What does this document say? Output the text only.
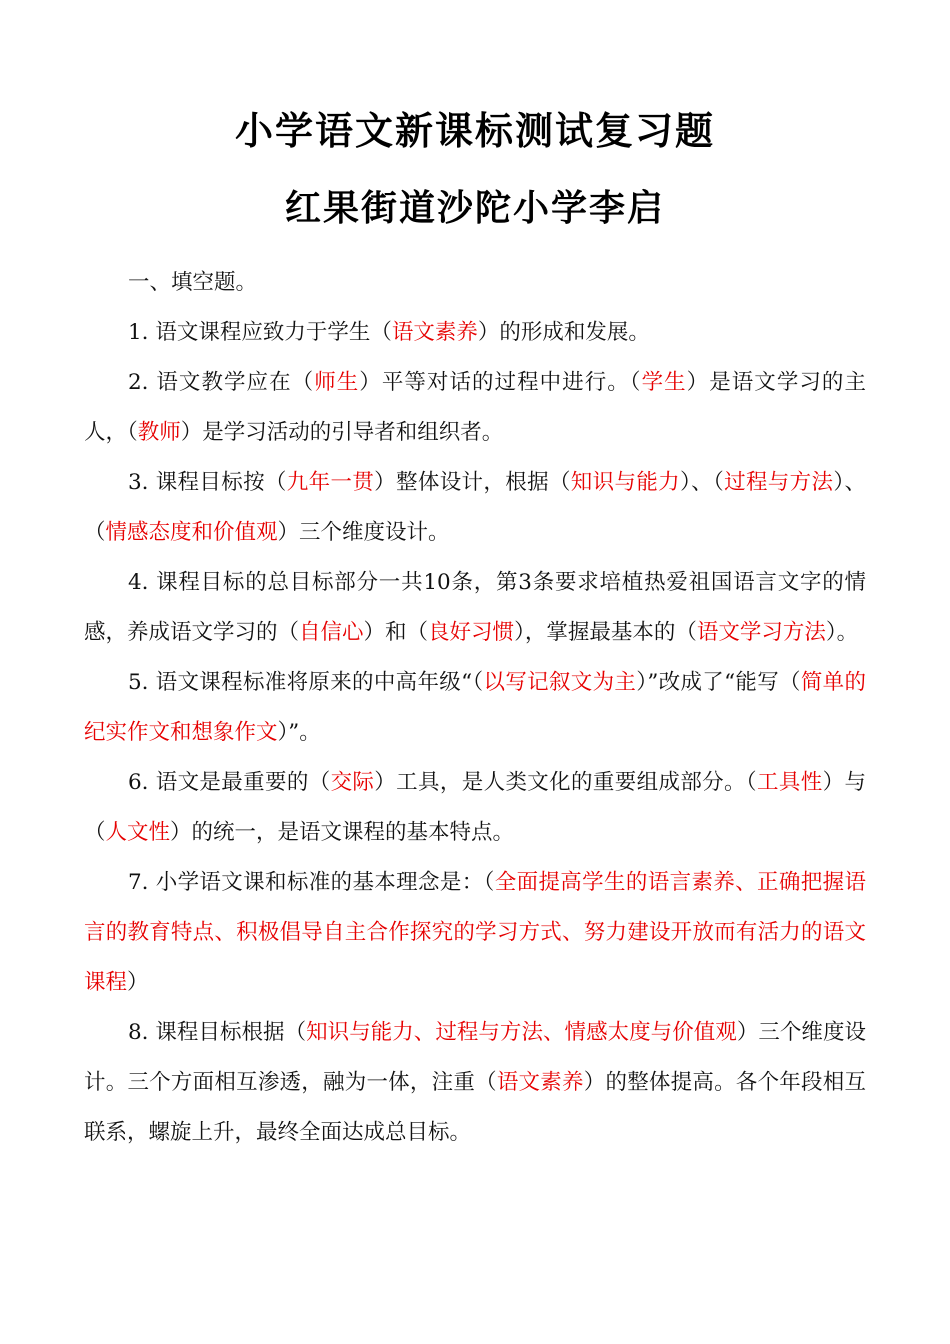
小学语文新课标测试复习题
红果街道沙陀小学李启

一、填空题。

1. 语文课程应致力于学生（语文素养）的形成和发展。

2. 语文教学应在（师生）平等对话的过程中进行。（学生）是语文学习的主人，（教师）是学习活动的引导者和组织者。

3. 课程目标按（九年一贯）整体设计，根据（知识与能力）、（过程与方法）、（情感态度和价值观）三个维度设计。

4. 课程目标的总目标部分一共10条，第3条要求培植热爱祖国语言文字的情感，养成语文学习的（自信心）和（良好习惯），掌握最基本的（语文学习方法）。

5. 语文课程标准将原来的中高年级“（以写记叙文为主）”改成了“能写（简单的纪实作文和想象作文）”。

6. 语文是最重要的（交际）工具，是人类文化的重要组成部分。（工具性）与（人文性）的统一，是语文课程的基本特点。

7. 小学语文课和标准的基本理念是：（全面提高学生的语言素养、正确把握语言的教育特点、积极倡导自主合作探究的学习方式、努力建设开放而有活力的语文课程）

8. 课程目标根据（知识与能力、过程与方法、情感太度与价值观）三个维度设计。三个方面相互渗透，融为一体，注重（语文素养）的整体提高。各个年段相互联系，螺旋上升，最终全面达成总目标。
